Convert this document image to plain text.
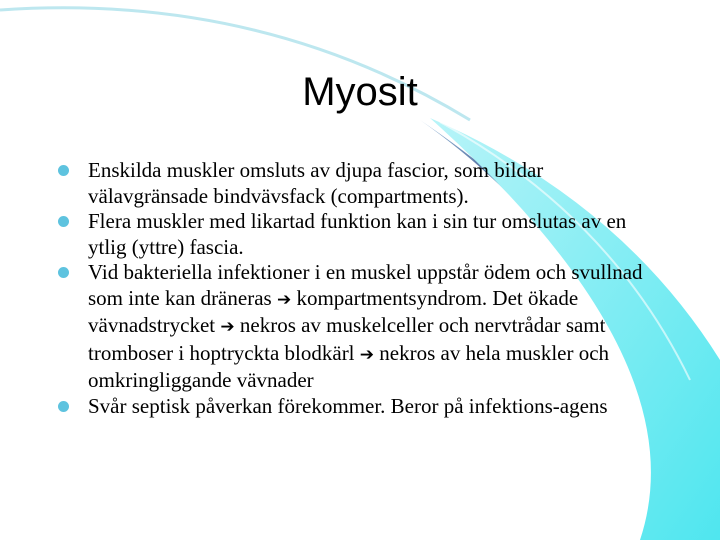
Myosit
Enskilda muskler omsluts av djupa fascior, som bildar välavgränsade bindvävsfack (compartments).
Flera muskler med likartad funktion kan i sin tur omslutas av en ytlig (yttre) fascia.
Vid bakteriella infektioner i en muskel uppstår ödem och svullnad som inte kan dräneras ➔ kompartmentsyndrom. Det ökade vävnadstrycket ➔ nekros av muskelceller och nervtrådar samt tromboser i hoptryckta blodkärl ➔ nekros av hela muskler och omkringliggande vävnader
Svår septisk påverkan förekommer. Beror på infektions-agens
